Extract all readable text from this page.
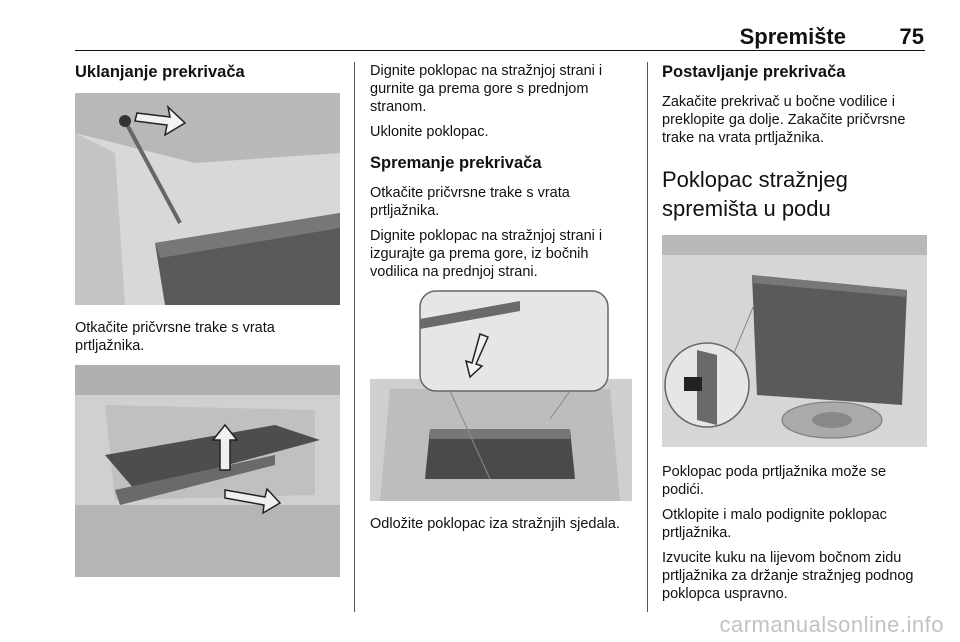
Spremište	75
Uklanjanje prekrivača

Otkačite pričvrsne trake s vrata prtljažnika.

Dignite poklopac na stražnjoj strani i gurnite ga prema gore s prednjom stranom.

Uklonite poklopac.

Spremanje prekrivača

Otkačite pričvrsne trake s vrata prtljažnika.

Dignite poklopac na stražnjoj strani i izgurajte ga prema gore, iz bočnih vodilica na prednjoj strani.

Odložite poklopac iza stražnjih sjedala.

Postavljanje prekrivača

Zakačite prekrivač u bočne vodilice i preklopite ga dolje. Zakačite pričvrsne trake na vrata prtljažnika.

Poklopac stražnjeg spremišta u podu

Poklopac poda prtljažnika može se podići.

Otklopite i malo podignite poklopac prtljažnika.

Izvucite kuku na lijevom bočnom zidu prtljažnika za držanje stražnjeg podnog poklopca uspravno.

carmanualsonline.info
